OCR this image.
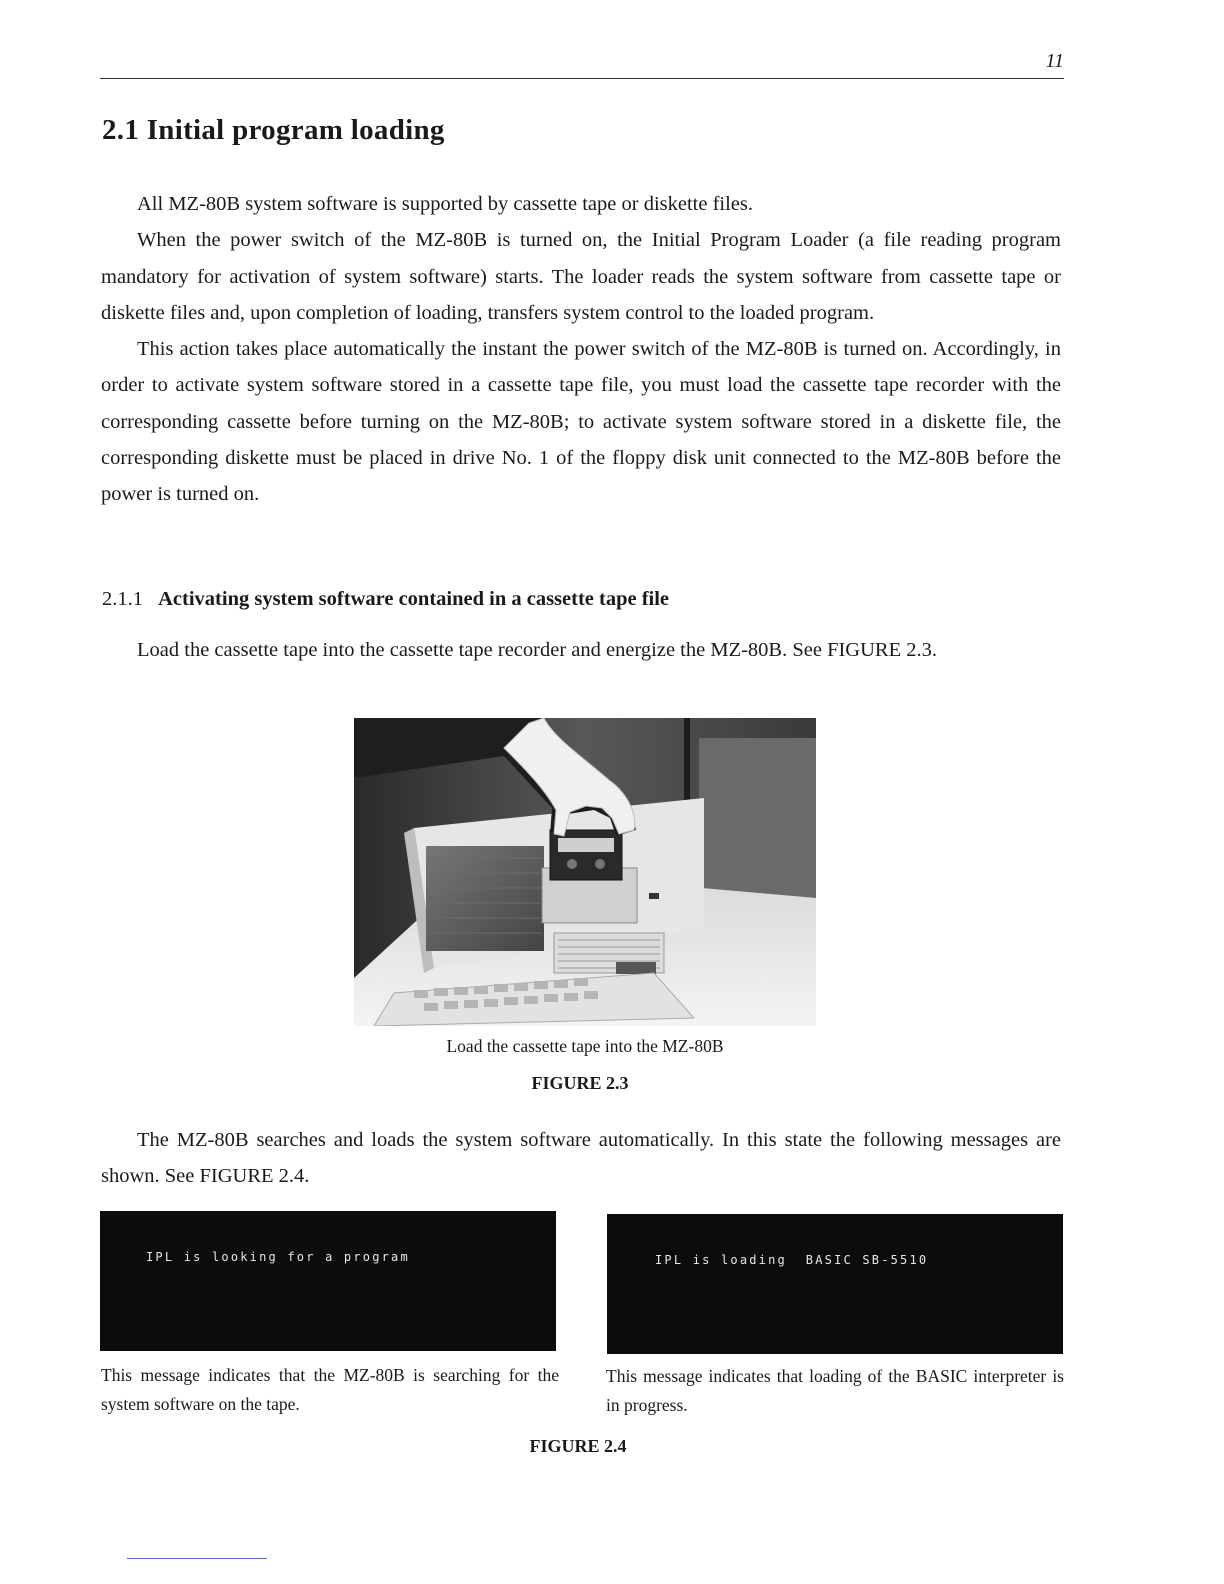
11
2.1 Initial program loading

All MZ-80B system software is supported by cassette tape or diskette files.

When the power switch of the MZ-80B is turned on, the Initial Program Loader (a file reading program mandatory for activation of system software) starts. The loader reads the system software from cassette tape or diskette files and, upon completion of loading, transfers system control to the loaded program.

This action takes place automatically the instant the power switch of the MZ-80B is turned on. Accordingly, in order to activate system software stored in a cassette tape file, you must load the cassette tape recorder with the corresponding cassette before turning on the MZ-80B; to activate system software stored in a diskette file, the corresponding diskette must be placed in drive No. 1 of the floppy disk unit connected to the MZ-80B before the power is turned on.

2.1.1 Activating system software contained in a cassette tape file

Load the cassette tape into the cassette tape recorder and energize the MZ-80B. See FIGURE 2.3.

Load the cassette tape into the MZ-80B

FIGURE 2.3

The MZ-80B searches and loads the system software automatically. In this state the following messages are shown. See FIGURE 2.4.

IPL is looking for a program	IPL is loading  BASIC SB-5510

This message indicates that the MZ-80B is searching for the system software on the tape.

This message indicates that loading of the BASIC interpreter is in progress.

FIGURE 2.4
